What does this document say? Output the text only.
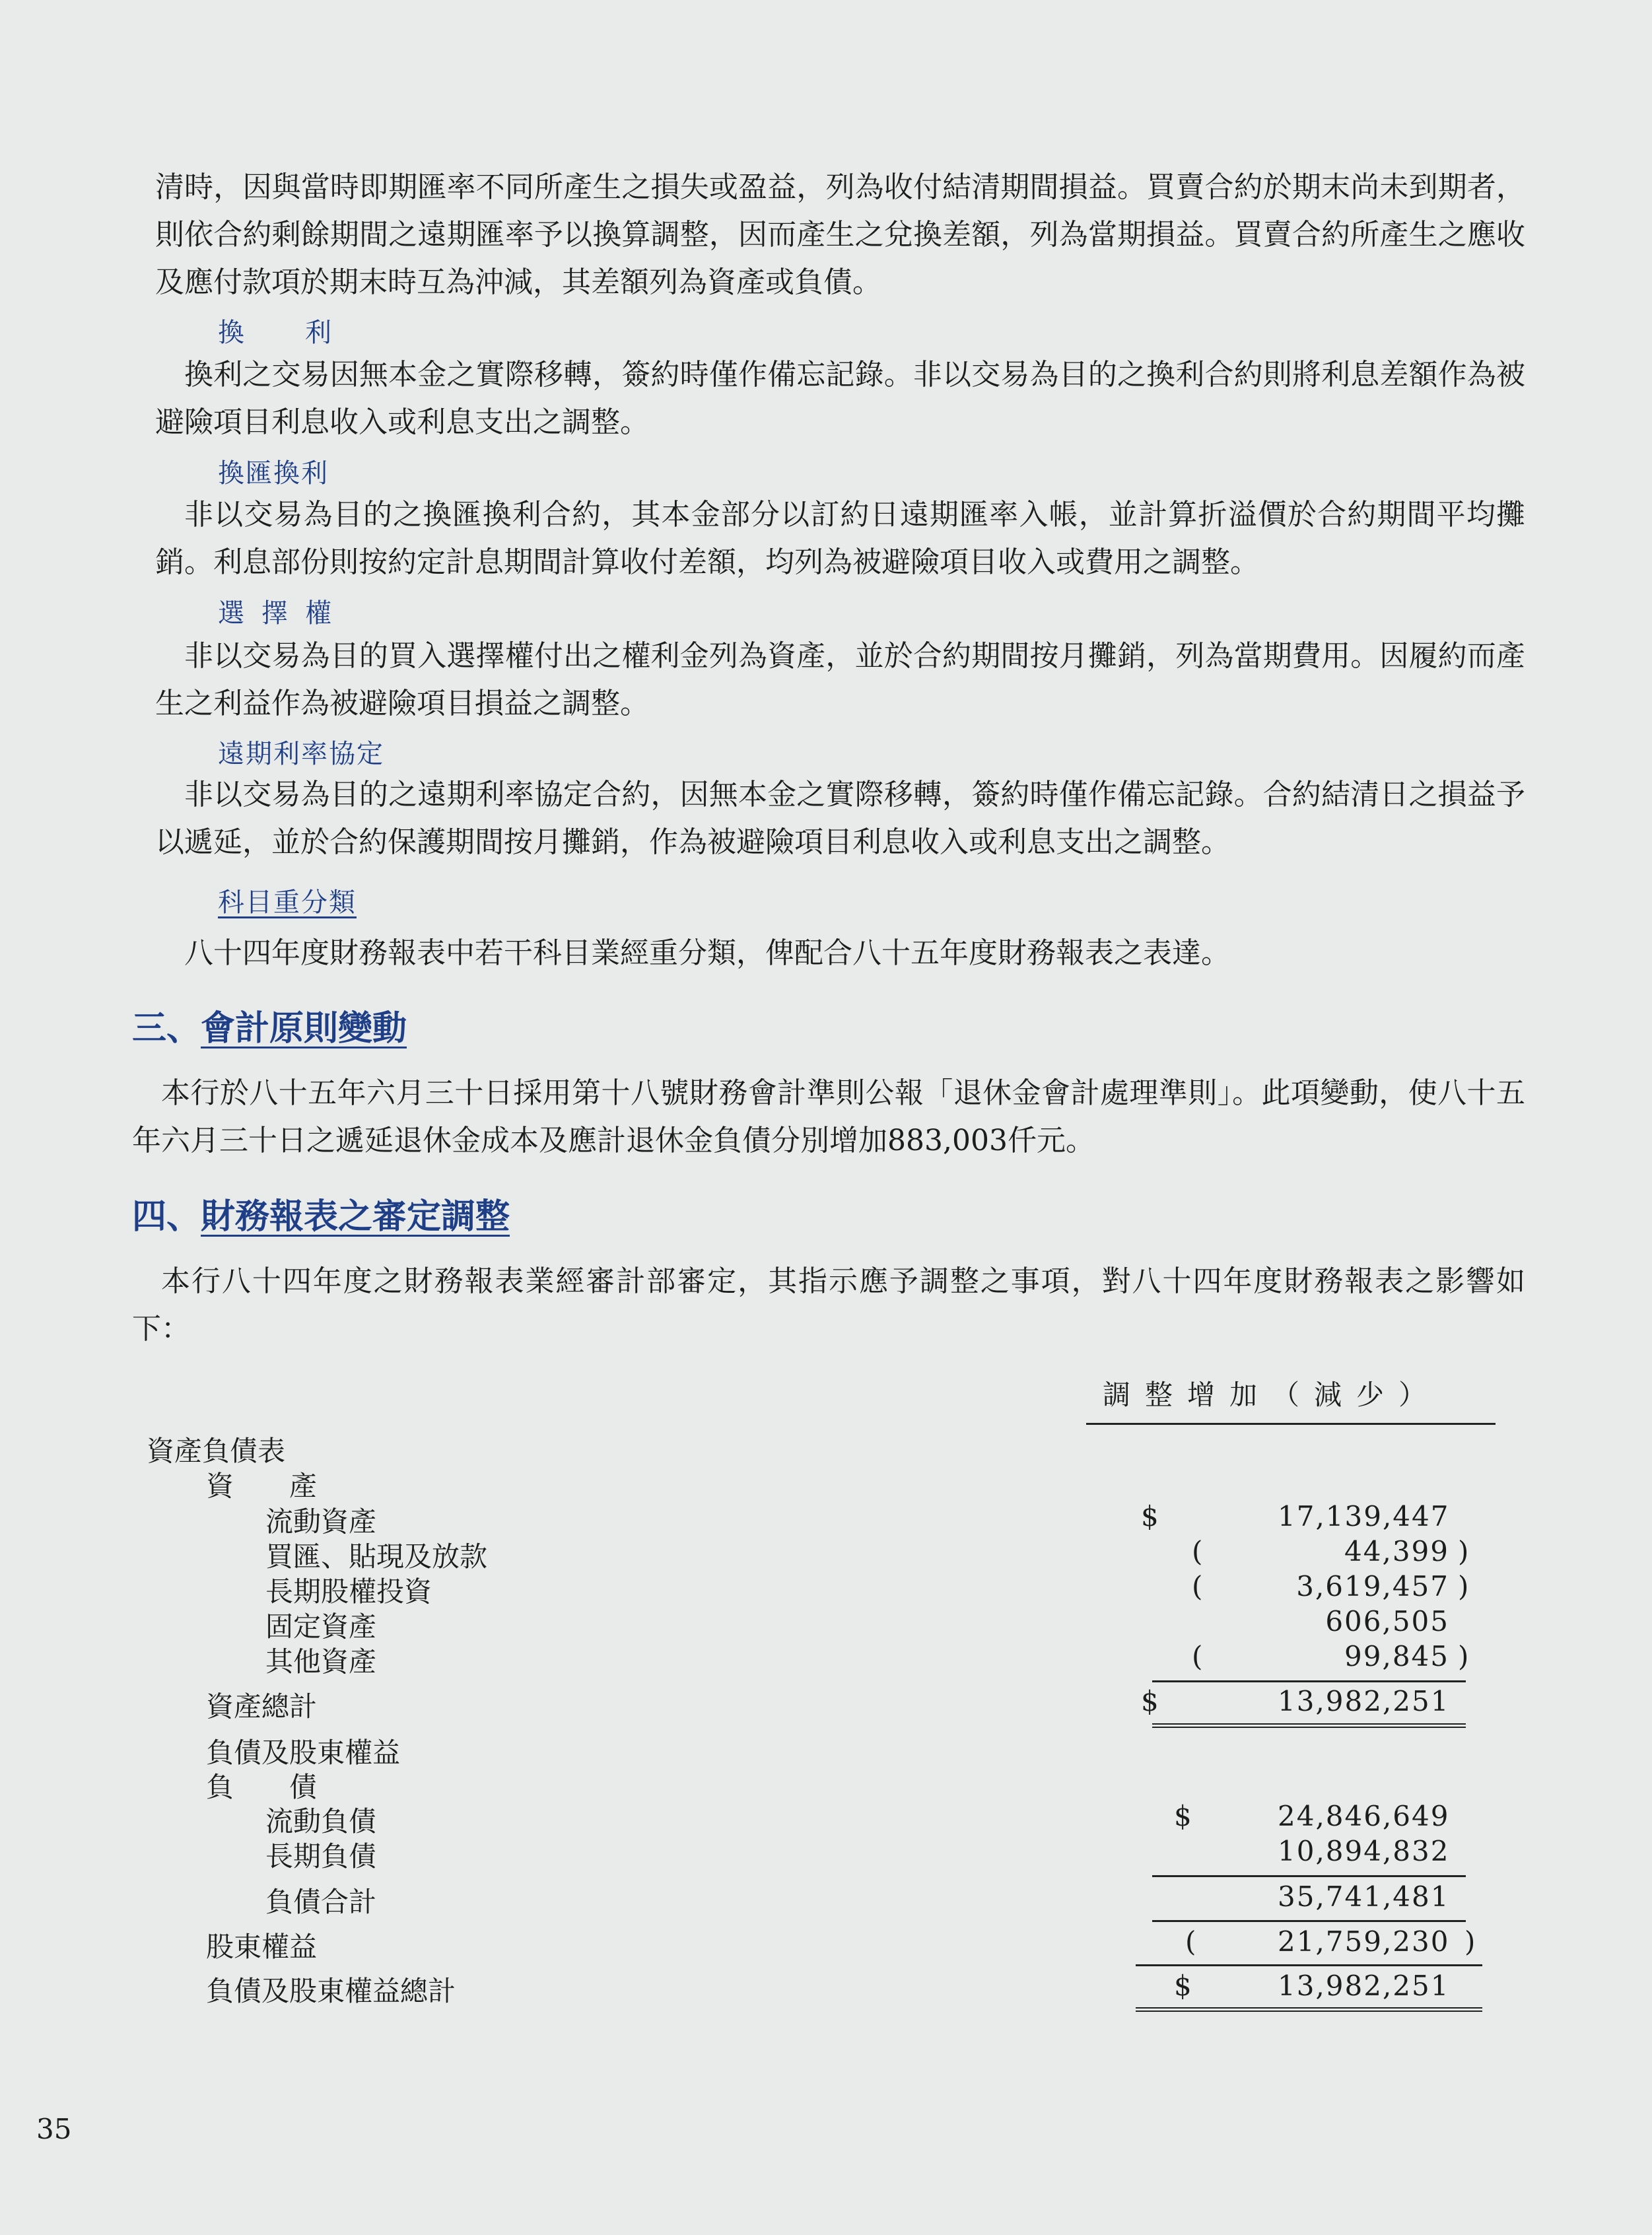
清時，因與當時即期匯率不同所產生之損失或盈益，列為收付結清期間損益。買賣合約於期末尚未到期者，則依合約剩餘期間之遠期匯率予以換算調整，因而產生之兌換差額，列為當期損益。買賣合約所產生之應收及應付款項於期末時互為沖減，其差額列為資產或負債。

換　利

換利之交易因無本金之實際移轉，簽約時僅作備忘記錄。非以交易為目的之換利合約則將利息差額作為被避險項目利息收入或利息支出之調整。

換匯換利

非以交易為目的之換匯換利合約，其本金部分以訂約日遠期匯率入帳，並計算折溢價於合約期間平均攤銷。利息部份則按約定計息期間計算收付差額，均列為被避險項目收入或費用之調整。

選擇權

非以交易為目的買入選擇權付出之權利金列為資產，並於合約期間按月攤銷，列為當期費用。因履約而產生之利益作為被避險項目損益之調整。

遠期利率協定

非以交易為目的之遠期利率協定合約，因無本金之實際移轉，簽約時僅作備忘記錄。合約結清日之損益予以遞延，並於合約保護期間按月攤銷，作為被避險項目利息收入或利息支出之調整。

科目重分類

八十四年度財務報表中若干科目業經重分類，俾配合八十五年度財務報表之表達。

三、會計原則變動

本行於八十五年六月三十日採用第十八號財務會計準則公報「退休金會計處理準則」。此項變動，使八十五年六月三十日之遞延退休金成本及應計退休金負債分別增加883,003仟元。

四、財務報表之審定調整

本行八十四年度之財務報表業經審計部審定，其指示應予調整之事項，對八十四年度財務報表之影響如下：

調整增加（減少）
資產負債表
資　　產
流動資產	$	17,139,447
買匯、貼現及放款	(	44,399 )
長期股權投資	(	3,619,457 )
固定資產	606,505
其他資產	(	99,845 )
資產總計	$	13,982,251
負債及股東權益
負　　債
流動負債	$	24,846,649
長期負債	10,894,832
負債合計	35,741,481
股東權益	(	21,759,230 )
負債及股東權益總計	$	13,982,251
35
